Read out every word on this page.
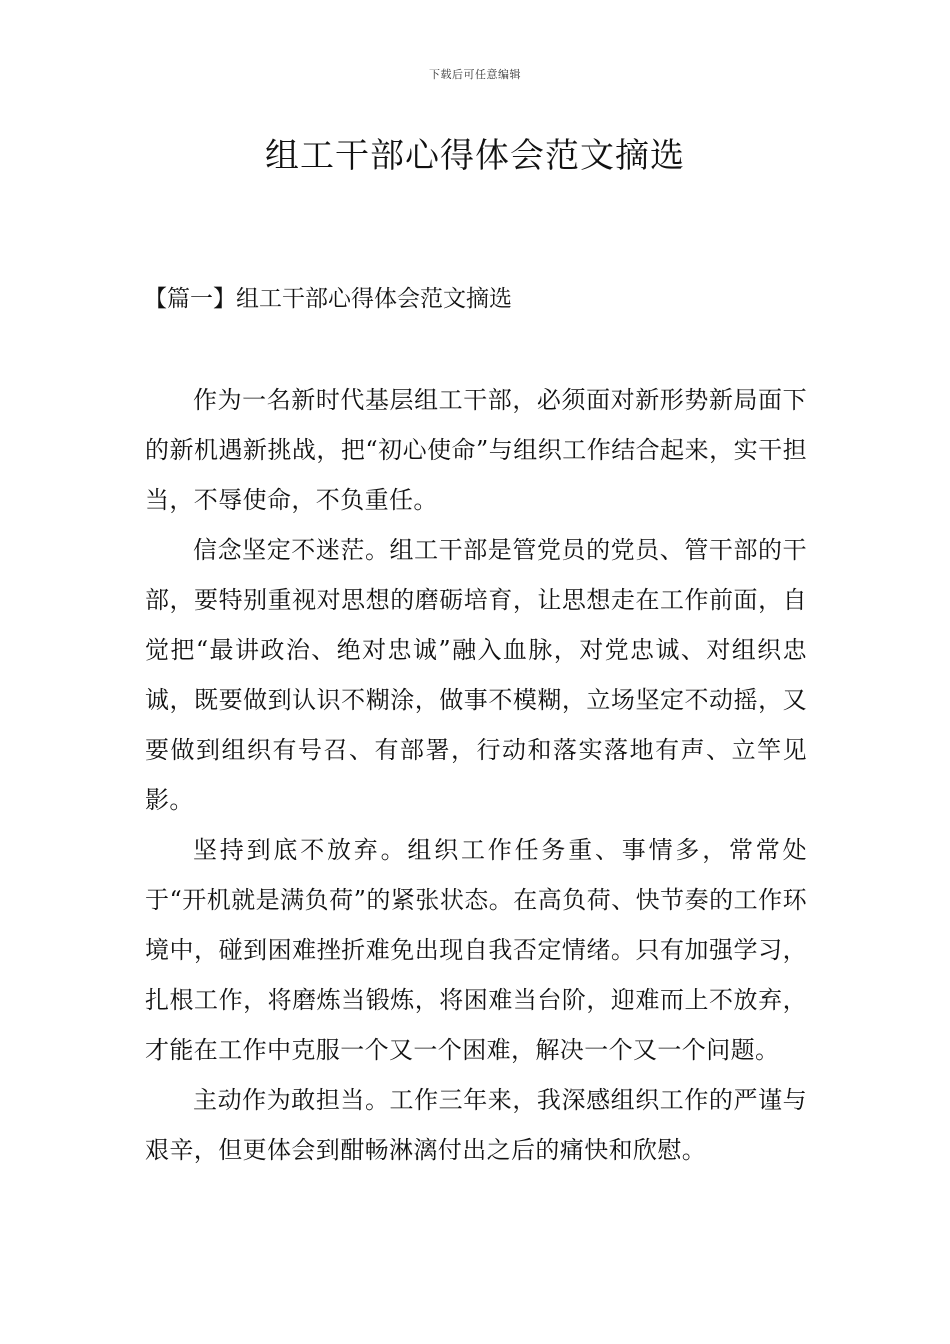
下载后可任意编辑
组工干部心得体会范文摘选
【篇一】组工干部心得体会范文摘选

作为一名新时代基层组工干部，必须面对新形势新局面下的新机遇新挑战，把“初心使命”与组织工作结合起来，实干担当，不辱使命，不负重任。

信念坚定不迷茫。组工干部是管党员的党员、管干部的干部，要特别重视对思想的磨砺培育，让思想走在工作前面，自觉把“最讲政治、绝对忠诚”融入血脉，对党忠诚、对组织忠诚，既要做到认识不糊涂，做事不模糊，立场坚定不动摇，又要做到组织有号召、有部署，行动和落实落地有声、立竿见影。

坚持到底不放弃。组织工作任务重、事情多，常常处于“开机就是满负荷”的紧张状态。在高负荷、快节奏的工作环境中，碰到困难挫折难免出现自我否定情绪。只有加强学习，扎根工作，将磨炼当锻炼，将困难当台阶，迎难而上不放弃，才能在工作中克服一个又一个困难，解决一个又一个问题。

主动作为敢担当。工作三年来，我深感组织工作的严谨与艰辛，但更体会到酣畅淋漓付出之后的痛快和欣慰。
